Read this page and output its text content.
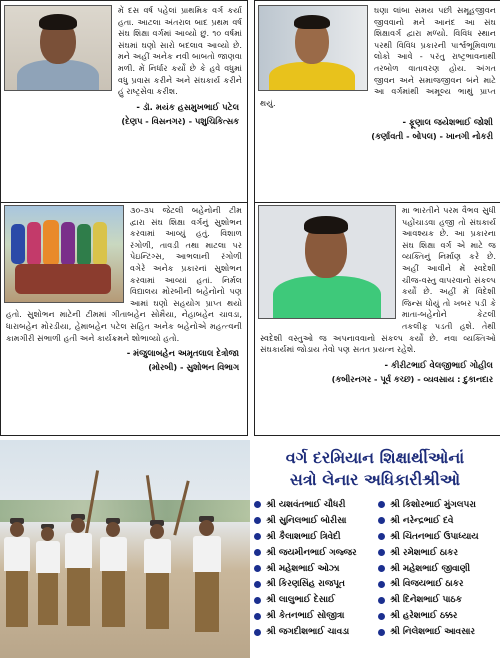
મેં દસ વર્ષ પહેલાં પ્રાથમિક વર્ગ કર્યા હતા. આટલા અંતરાલ બાદ પ્રથમ વર્ષ સંઘ શિક્ષા વર્ગમાં આવ્યો છું. ૧૦ વર્ષમાં સંઘમાં ઘણો સારો બદલાવ આવ્યો છે. મને અહીં અનેક નવી બાબતો જાણવા મળી. મેં નિર્ધાર કર્યો છે કે હવે વધુમાં વધુ પ્રવાસ કરીને અને સંઘકાર્ય કરીને હું રાષ્ટ્રસેવા કરીશ.
- ડૉ. મયંક હસમુખભાઈ પટેલ
(દેણપ - વિસનગર) - પશુચિકિત્સક
ઘણા લાંબા સમય પછી સમૂહજીવન જીવવાનો મને આનંદ આ સંઘ શિક્ષાવર્ગ દ્વારા મળ્યો. વિવિધ સ્થાન પરથી વિવિધ પ્રકારની પાર્શ્વભૂમિવાળા લોકો આવે - પરંતુ રાષ્ટ્રભાવનાથી તરબોળ વાતાવરણ હોય. અંગત જીવન અને સમાજજીવન બંને માટે આ વર્ગમાંથી અમૂલ્ય ભાથું પ્રાપ્ત થયું.
- ફૂણાલ જયેશભાઈ જોશી
(કર્ણાવતી - બોપલ) - ખાનગી નોકરી
૩૦-૩૫ જેટલી બહેનોની ટીમ દ્વારા સંઘ શિક્ષા વર્ગનું સુશોભન કરવામાં આવ્યું હતું. વિશાળ રંગોળી, તાવડી તથા માટલા પર પેઇન્ટિંગ્સ, આભલાની રંગોળી વગેરે અનેક પ્રકારનાં સુશોભન કરવામાં આવ્યાં હતાં. નિર્મલ વિદ્યાલય મોરબીની બહેનોનો પણ આમાં ઘણો સહયોગ પ્રાપ્ત થયો હતો. સુશોભન માટેની ટીમમાં ગીતાબહેન સોમૈયા, નેહાબહેન ચાવડા, ધારાબહેન મોરડીયા, હેમાબહેન પટેલ સહિત અનેક બહેનોએ મહત્ત્વની કામગીરી સંભાળી હતી અને કાર્યક્રમને શોભાવ્યો હતો.
- મંજુલાબહેન અમૃતલાલ દેત્રોજા
(મોરબી) - સુશોભન વિભાગ
મા ભારતીને પરમ વૈભવ સુધી પહોંચાડવા હજી તો સંઘકાર્ય આવશ્યક છે. આ પ્રકારના સંઘ શિક્ષા વર્ગ એ માટે જ વ્યક્તિનું નિર્માણ કરે છે. અહીં આવીને મેં સ્વદેશી ચીજ-વસ્તુ વાપરવાનો સંકલ્પ કર્યો છે. અહીં મેં વિદેશી જિન્સ ધોયું તો ખબર પડી કે માતા-બહેનોને કેટલી તકલીફ પડતી હશે. તેથી સ્વદેશી વસ્તુઓ જ અપનાવવાનો સંકલ્પ કર્યો છે. નવા વ્યક્તિઓ સંઘકાર્યમાં જોડાય તેવો પણ સતત પ્રયત્ન રહેશે.
- કીરીટભાઈ વેલજીભાઈ ગોહીલ
(કબીરનગર - પૂર્વ કચ્છ) - વ્યવસાય : દુકાનદાર
વર્ગ દરમિયાન શિક્ષાર્થીઓનાં
સત્રો લેનાર અધિકારીશ્રીઓ
શ્રી યશવંતભાઈ ચૌધરી	શ્રી કિશોરભાઈ મુંગલપરા
શ્રી સુનિલભાઈ બોરીસા	શ્રી નરેન્દ્રભાઈ દવે
શ્રી કૈલાશભાઈ ત્રિવેદી	શ્રી ચિંતનભાઈ ઉપાધ્યાય
શ્રી જયમીનભાઈ ગજ્જર	શ્રી રમેશભાઈ ઠાકર
શ્રી મહેશભાઈ ઓઝા	શ્રી મહેશભાઈ જીવાણી
શ્રી કિરણસિંહ રાજપૂત	શ્રી વિજયભાઈ ઠાકર
શ્રી લાલુભાઈ દેસાઈ	શ્રી દિનેશભાઈ પાઠક
શ્રી કેતનભાઈ સોજીત્રા	શ્રી હરેશભાઈ ઠક્કર
શ્રી જગદીશભાઈ ચાવડા	શ્રી નિલેશભાઈ આવસાર
